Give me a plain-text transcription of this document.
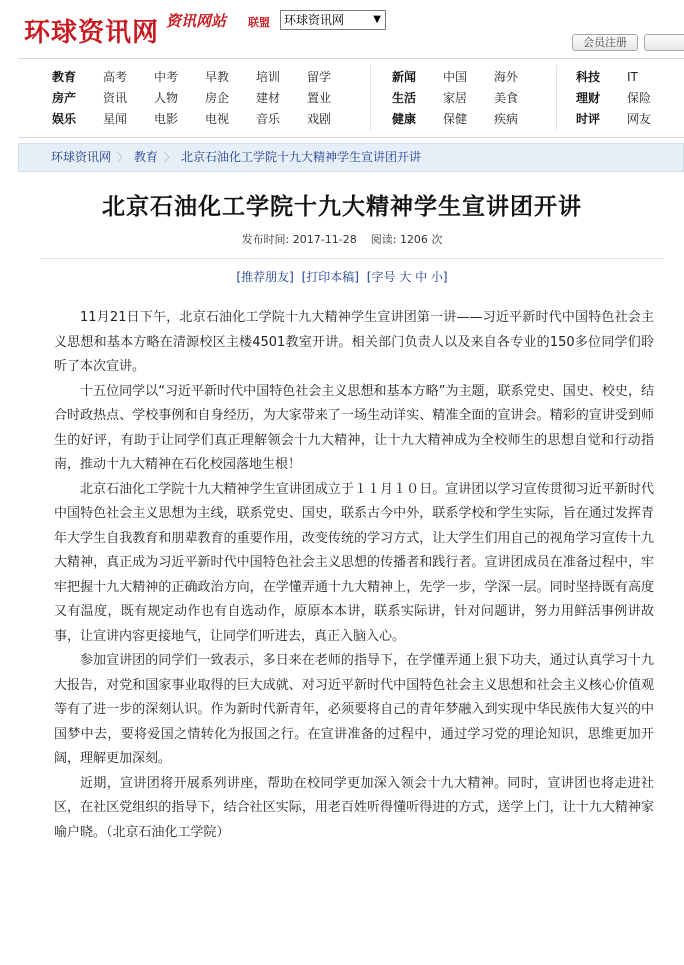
环球资讯网 资讯网站 联盟	环球资讯网	▼
会员注册
教育
房产
娱乐
高考
资讯
星闻
中考
人物
电影
早教
房企
电视
培训
建材
音乐
留学
置业
戏剧
新闻
生活
健康
中国
家居
保健
海外
美食
疾病
科技
理财
时评
IT
保险
网友
环球资讯网 〉 教育 〉 北京石油化工学院十九大精神学生宣讲团开讲
北京石油化工学院十九大精神学生宣讲团开讲
发布时间: 2017-11-28 阅读: 1206 次
[推荐朋友] [打印本稿] [字号 大 中 小]

11月21日下午，北京石油化工学院十九大精神学生宣讲团第一讲——习近平新时代中国特色社会主义思想和基本方略在清源校区主楼4501教室开讲。相关部门负责人以及来自各专业的150多位同学们聆听了本次宣讲。

十五位同学以“习近平新时代中国特色社会主义思想和基本方略”为主题，联系党史、国史、校史，结合时政热点、学校事例和自身经历，为大家带来了一场生动详实、精准全面的宣讲会。精彩的宣讲受到师生的好评，有助于让同学们真正理解领会十九大精神，让十九大精神成为全校师生的思想自觉和行动指南，推动十九大精神在石化校园落地生根！

北京石油化工学院十九大精神学生宣讲团成立于１１月１０日。宣讲团以学习宣传贯彻习近平新时代中国特色社会主义思想为主线，联系党史、国史，联系古今中外，联系学校和学生实际，旨在通过发挥青年大学生自我教育和朋辈教育的重要作用，改变传统的学习方式，让大学生们用自己的视角学习宣传十九大精神，真正成为习近平新时代中国特色社会主义思想的传播者和践行者。宣讲团成员在准备过程中，牢牢把握十九大精神的正确政治方向，在学懂弄通十九大精神上，先学一步，学深一层。同时坚持既有高度又有温度，既有规定动作也有自选动作，原原本本讲，联系实际讲，针对问题讲，努力用鲜活事例讲故事，让宣讲内容更接地气，让同学们听进去，真正入脑入心。

参加宣讲团的同学们一致表示，多日来在老师的指导下，在学懂弄通上狠下功夫，通过认真学习十九大报告，对党和国家事业取得的巨大成就、对习近平新时代中国特色社会主义思想和社会主义核心价值观等有了进一步的深刻认识。作为新时代新青年，必须要将自己的青年梦融入到实现中华民族伟大复兴的中国梦中去，要将爱国之情转化为报国之行。在宣讲准备的过程中，通过学习党的理论知识，思维更加开阔，理解更加深刻。

近期，宣讲团将开展系列讲座，帮助在校同学更加深入领会十九大精神。同时，宣讲团也将走进社区，在社区党组织的指导下，结合社区实际，用老百姓听得懂听得进的方式，送学上门，让十九大精神家喻户晓。（北京石油化工学院）
